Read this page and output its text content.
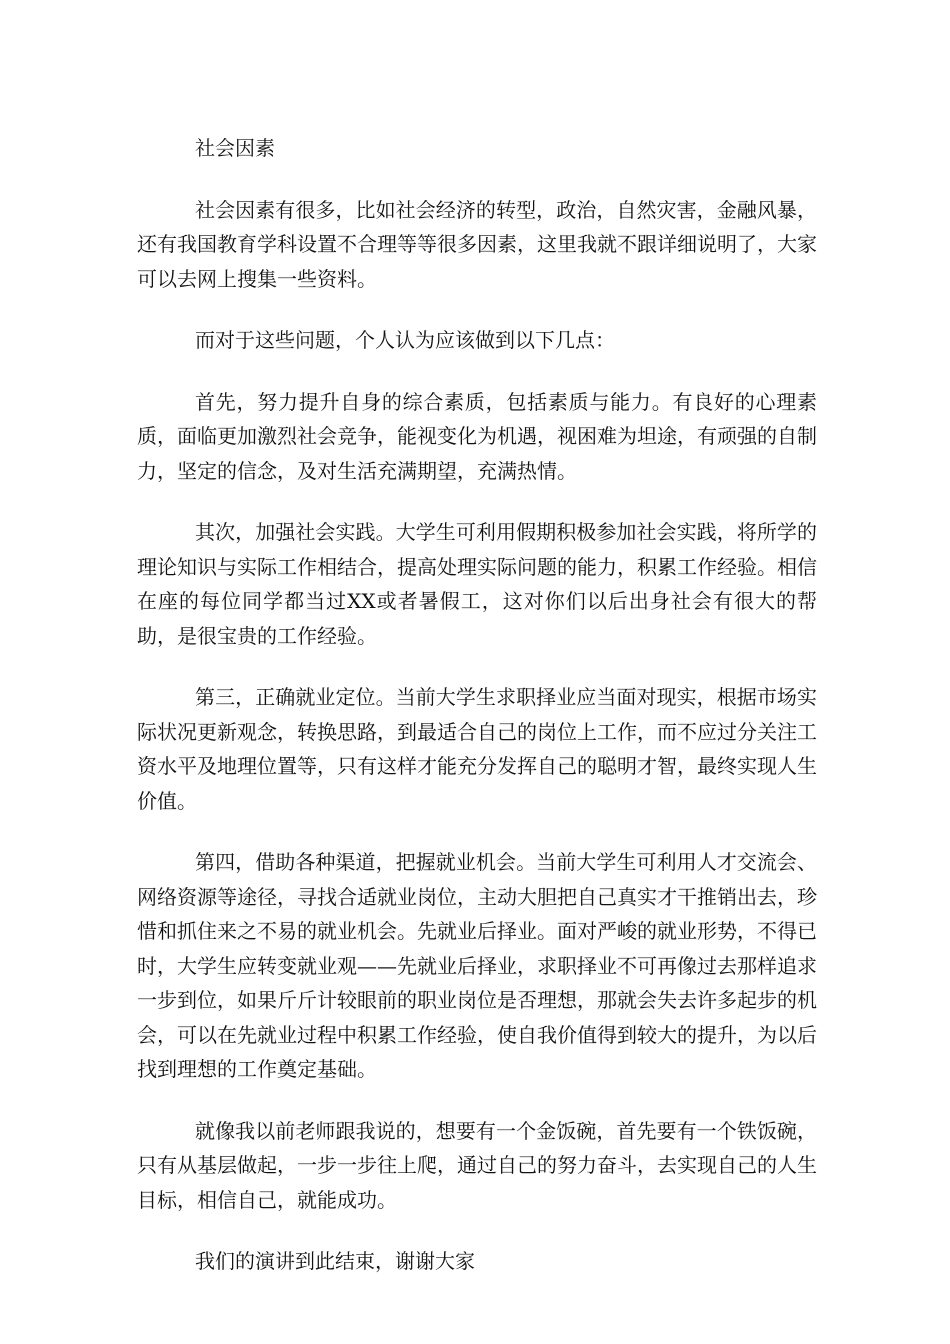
社会因素

社会因素有很多，比如社会经济的转型，政治，自然灾害，金融风暴，还有我国教育学科设置不合理等等很多因素，这里我就不跟详细说明了，大家可以去网上搜集一些资料。

而对于这些问题，个人认为应该做到以下几点：

首先，努力提升自身的综合素质，包括素质与能力。有良好的心理素质，面临更加激烈社会竞争，能视变化为机遇，视困难为坦途，有顽强的自制力，坚定的信念，及对生活充满期望，充满热情。

其次，加强社会实践。大学生可利用假期积极参加社会实践，将所学的理论知识与实际工作相结合，提高处理实际问题的能力，积累工作经验。相信在座的每位同学都当过XX或者暑假工，这对你们以后出身社会有很大的帮助，是很宝贵的工作经验。

第三，正确就业定位。当前大学生求职择业应当面对现实，根据市场实际状况更新观念，转换思路，到最适合自己的岗位上工作，而不应过分关注工资水平及地理位置等，只有这样才能充分发挥自己的聪明才智，最终实现人生价值。

第四，借助各种渠道，把握就业机会。当前大学生可利用人才交流会、网络资源等途径，寻找合适就业岗位，主动大胆把自己真实才干推销出去，珍惜和抓住来之不易的就业机会。先就业后择业。面对严峻的就业形势，不得已时，大学生应转变就业观——先就业后择业，求职择业不可再像过去那样追求一步到位，如果斤斤计较眼前的职业岗位是否理想，那就会失去许多起步的机会，可以在先就业过程中积累工作经验，使自我价值得到较大的提升，为以后找到理想的工作奠定基础。

就像我以前老师跟我说的，想要有一个金饭碗，首先要有一个铁饭碗，只有从基层做起，一步一步往上爬，通过自己的努力奋斗，去实现自己的人生目标，相信自己，就能成功。

我们的演讲到此结束，谢谢大家
